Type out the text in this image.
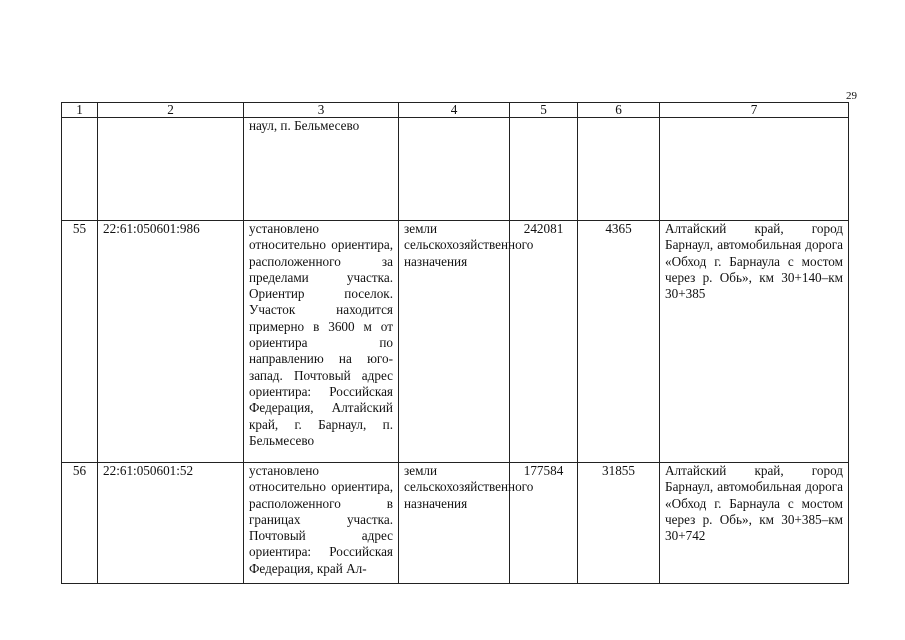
29
1	2	3	4	5	6	7
		наул, п. Бельмесево				
55	22:61:050601:986	установлено относительно ориентира, расположенного за пределами участка. Ориентир поселок. Участок находится примерно в 3600 м от ориентира по направлению на юго-запад. Почтовый адрес ориентира: Российская Федерация, Алтайский край, г. Барнаул, п. Бельмесево	земли сельскохозяйственного назначения	242081	4365	Алтайский край, город Барнаул, автомобильная дорога «Обход г. Барнаула с мостом через р. Обь», км 30+140–км 30+385
56	22:61:050601:52	установлено относительно ориентира, расположенного в границах участка. Почтовый адрес ориентира: Российская Федерация, край Ал-	земли сельскохозяйственного назначения	177584	31855	Алтайский край, город Барнаул, автомобильная дорога «Обход г. Барнаула с мостом через р. Обь», км 30+385–км 30+742
